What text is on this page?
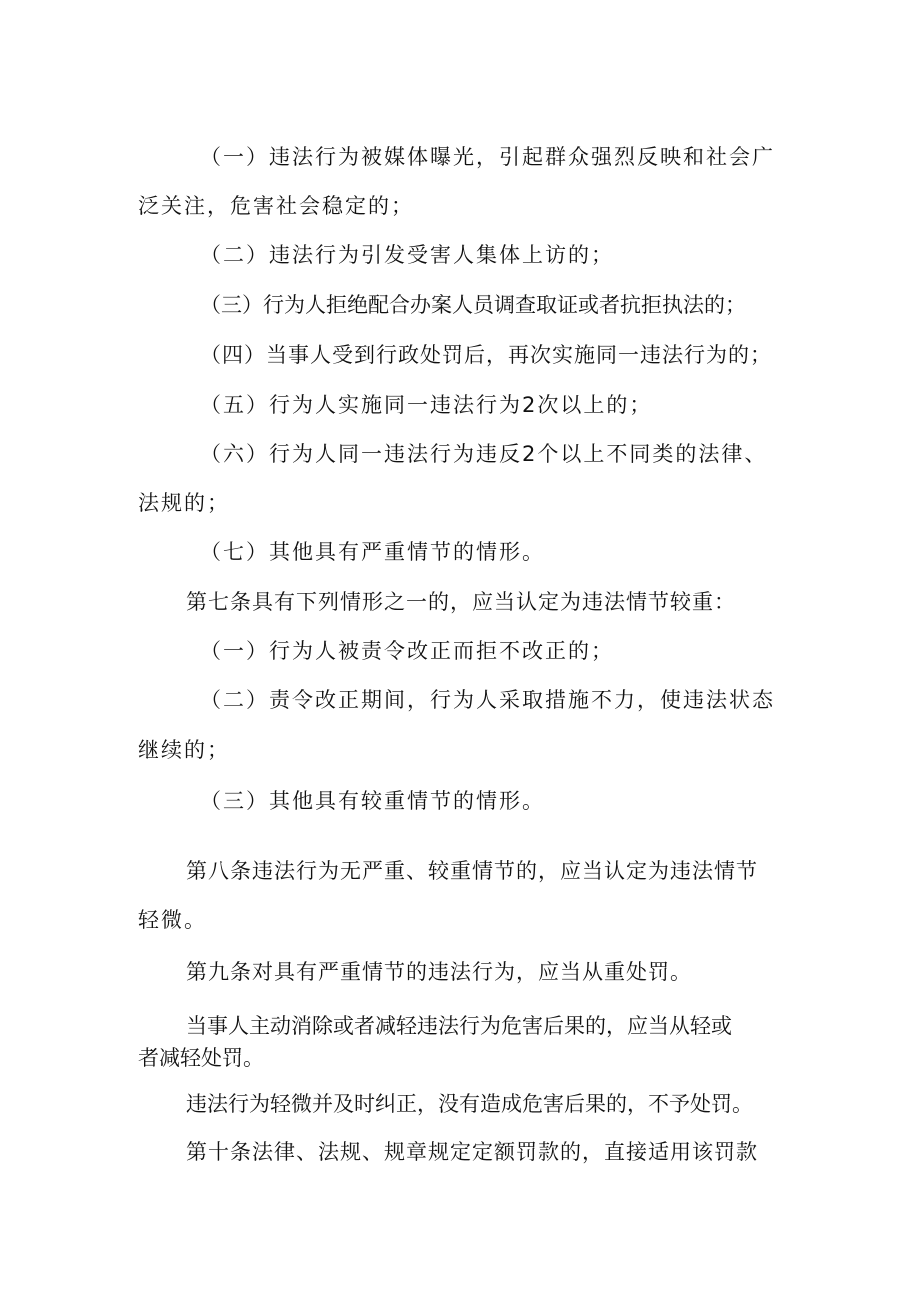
（一）违法行为被媒体曝光，引起群众强烈反映和社会广
泛关注，危害社会稳定的；
（二）违法行为引发受害人集体上访的；
（三）行为人拒绝配合办案人员调查取证或者抗拒执法的；
（四）当事人受到行政处罚后，再次实施同一违法行为的；
（五）行为人实施同一违法行为2次以上的；
（六）行为人同一违法行为违反2个以上不同类的法律、
法规的；
（七）其他具有严重情节的情形。
第七条具有下列情形之一的，应当认定为违法情节较重：
（一）行为人被责令改正而拒不改正的；
（二）责令改正期间，行为人采取措施不力，使违法状态
继续的；
（三）其他具有较重情节的情形。
第八条违法行为无严重、较重情节的，应当认定为违法情节
轻微。
第九条对具有严重情节的违法行为，应当从重处罚。
当事人主动消除或者减轻违法行为危害后果的，应当从轻或
者减轻处罚。
违法行为轻微并及时纠正，没有造成危害后果的，不予处罚。
第十条法律、法规、规章规定定额罚款的，直接适用该罚款
